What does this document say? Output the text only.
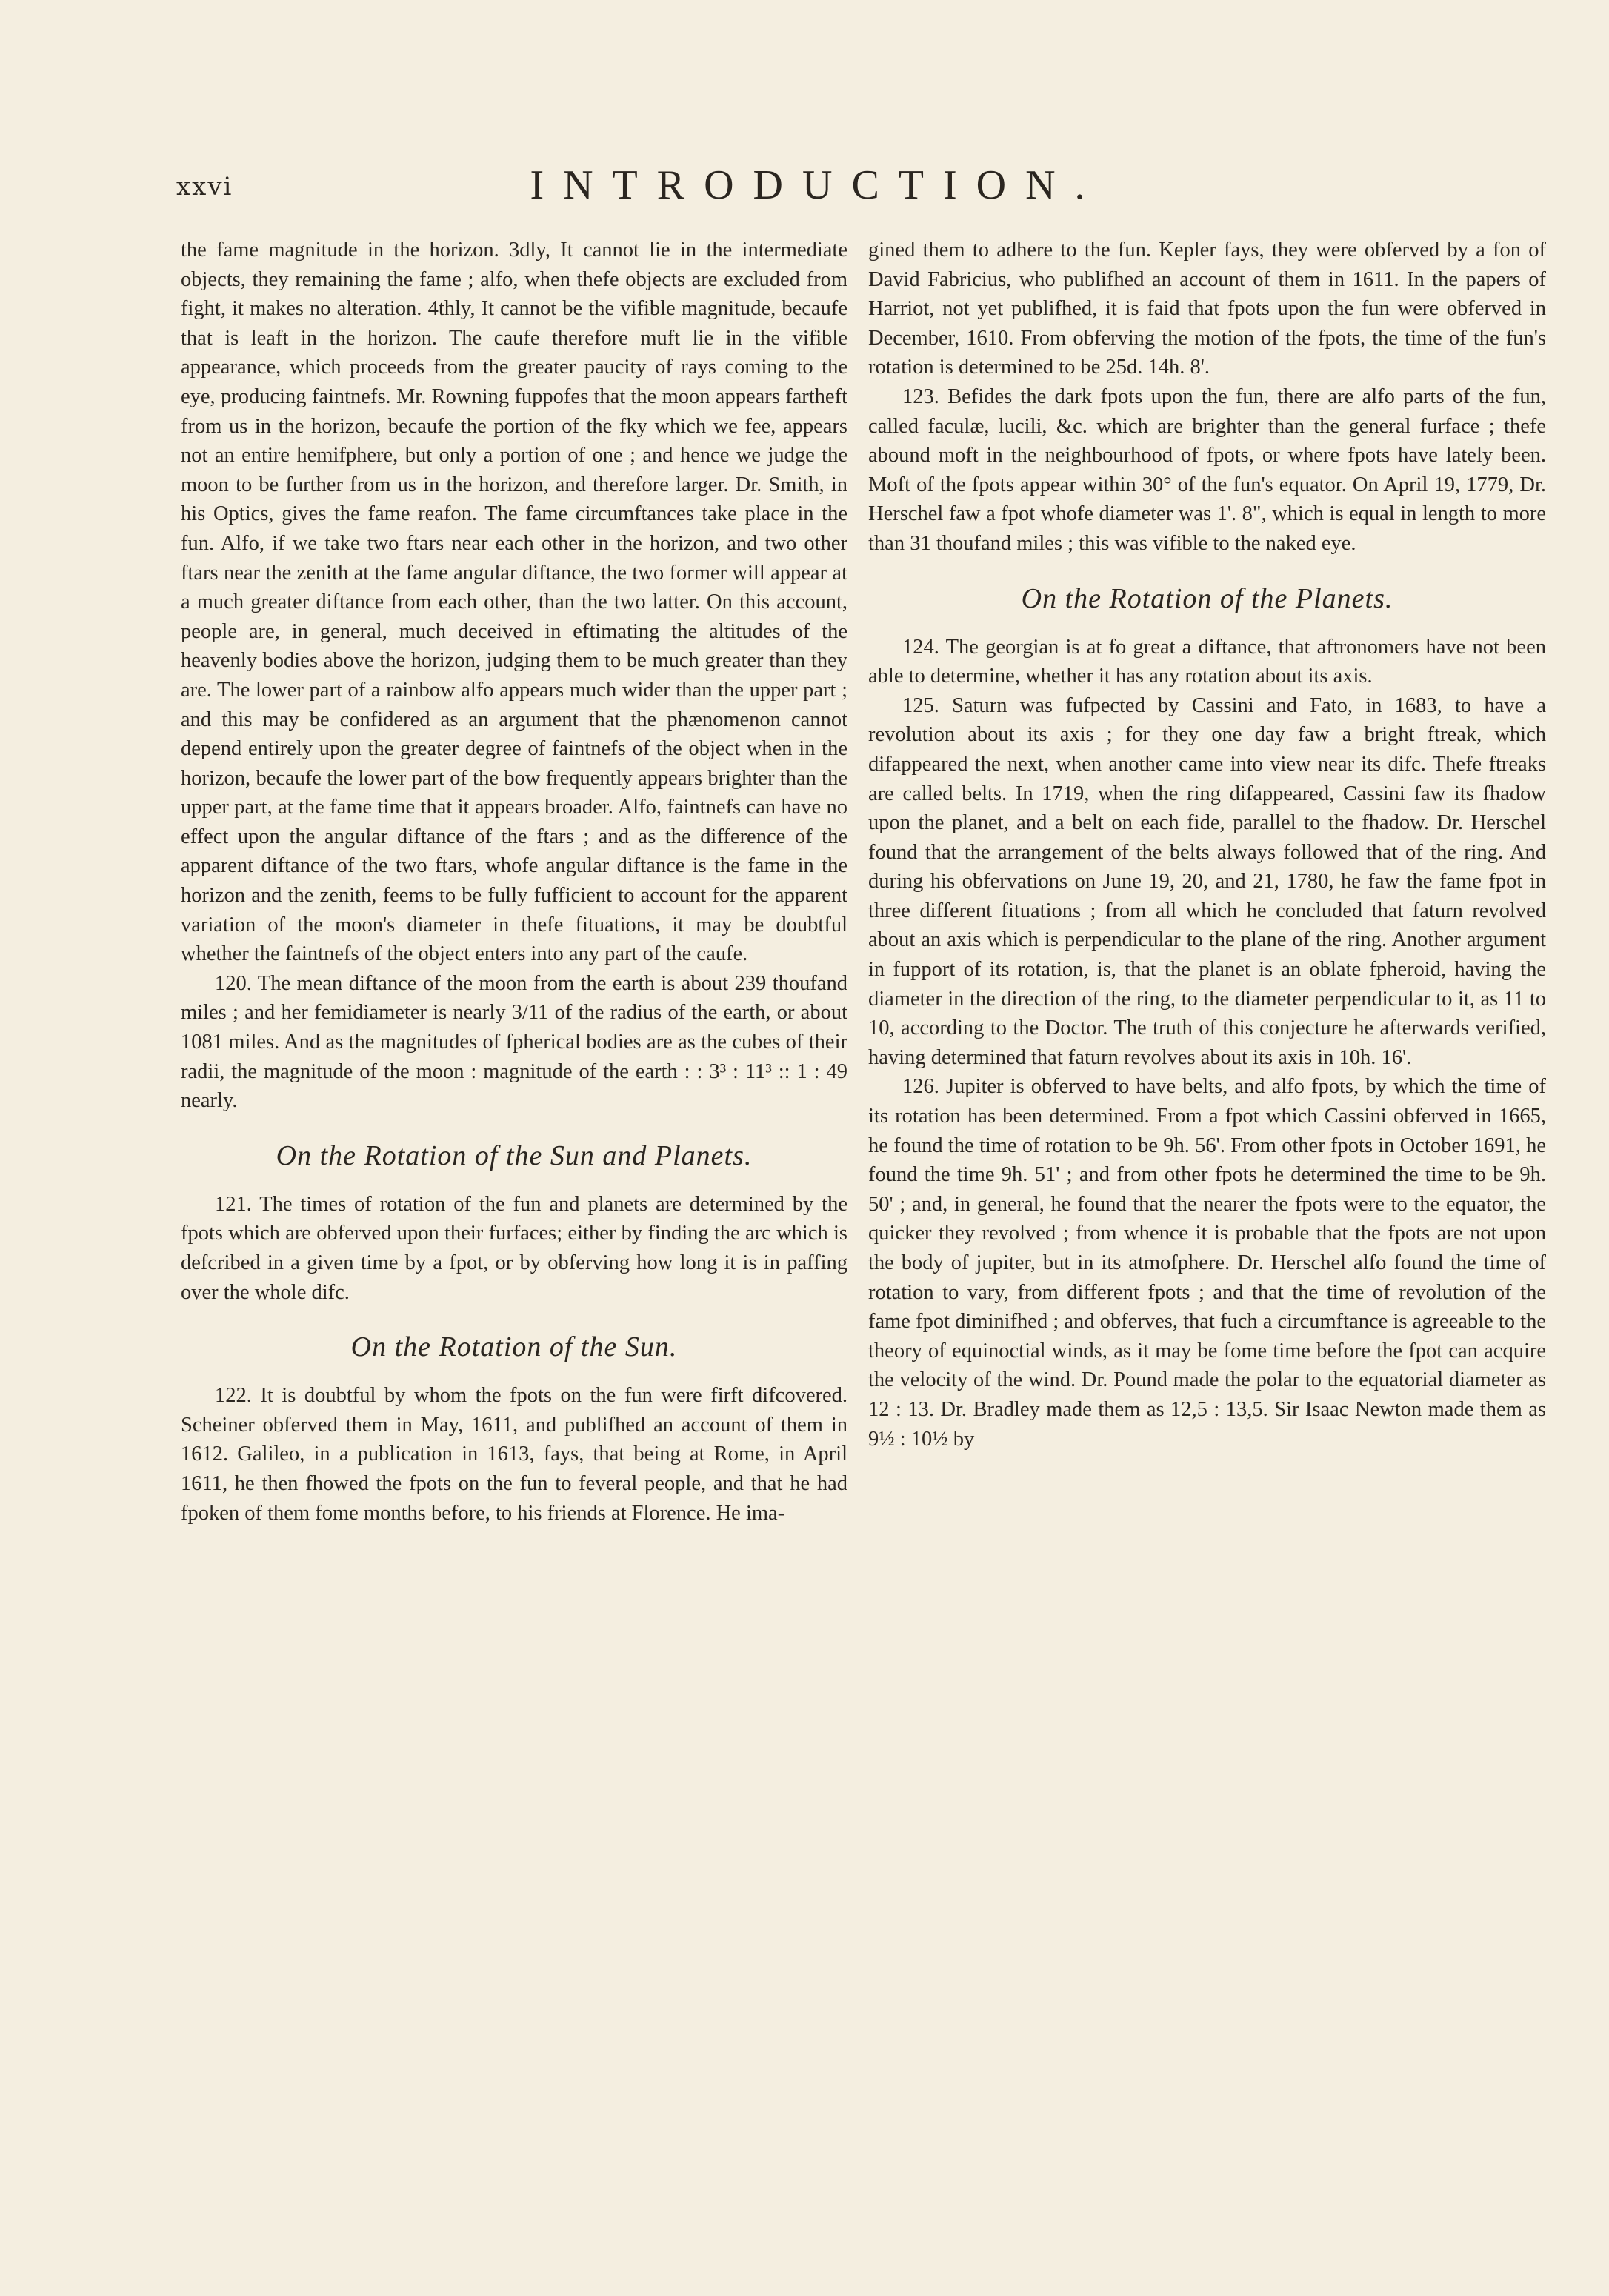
xxvi	INTRODUCTION.

the fame magnitude in the horizon. 3dly, It cannot lie in the intermediate objects, they remaining the fame ; alfo, when thefe objects are excluded from fight, it makes no alteration. 4thly, It cannot be the vifible magnitude, becaufe that is leaft in the horizon. The caufe therefore muft lie in the vifible appearance, which proceeds from the greater paucity of rays coming to the eye, producing faintnefs. Mr. Rowning fuppofes that the moon appears fartheft from us in the horizon, becaufe the portion of the fky which we fee, appears not an entire hemifphere, but only a portion of one ; and hence we judge the moon to be further from us in the horizon, and therefore larger. Dr. Smith, in his Optics, gives the fame reafon. The fame circumftances take place in the fun. Alfo, if we take two ftars near each other in the horizon, and two other ftars near the zenith at the fame angular diftance, the two former will appear at a much greater diftance from each other, than the two latter. On this account, people are, in general, much deceived in eftimating the altitudes of the heavenly bodies above the horizon, judging them to be much greater than they are. The lower part of a rainbow alfo appears much wider than the upper part ; and this may be confidered as an argument that the phænomenon cannot depend entirely upon the greater degree of faintnefs of the object when in the horizon, becaufe the lower part of the bow frequently appears brighter than the upper part, at the fame time that it appears broader. Alfo, faintnefs can have no effect upon the angular diftance of the ftars ; and as the difference of the apparent diftance of the two ftars, whofe angular diftance is the fame in the horizon and the zenith, feems to be fully fufficient to account for the apparent variation of the moon's diameter in thefe fituations, it may be doubtful whether the faintnefs of the object enters into any part of the caufe.

120. The mean diftance of the moon from the earth is about 239 thoufand miles ; and her femidiameter is nearly 3/11 of the radius of the earth, or about 1081 miles. And as the magnitudes of fpherical bodies are as the cubes of their radii, the magnitude of the moon : magnitude of the earth : : 3³ : 11³ :: 1 : 49 nearly.

On the Rotation of the Sun and Planets.

121. The times of rotation of the fun and planets are determined by the fpots which are obferved upon their furfaces; either by finding the arc which is defcribed in a given time by a fpot, or by obferving how long it is in paffing over the whole difc.

On the Rotation of the Sun.

122. It is doubtful by whom the fpots on the fun were firft difcovered. Scheiner obferved them in May, 1611, and publifhed an account of them in 1612. Galileo, in a publication in 1613, fays, that being at Rome, in April 1611, he then fhowed the fpots on the fun to feveral people, and that he had fpoken of them fome months before, to his friends at Florence. He ima-

gined them to adhere to the fun. Kepler fays, they were obferved by a fon of David Fabricius, who publifhed an account of them in 1611. In the papers of Harriot, not yet publifhed, it is faid that fpots upon the fun were obferved in December, 1610. From obferving the motion of the fpots, the time of the fun's rotation is determined to be 25d. 14h. 8'.

123. Befides the dark fpots upon the fun, there are alfo parts of the fun, called faculæ, lucili, &c. which are brighter than the general furface ; thefe abound moft in the neighbourhood of fpots, or where fpots have lately been. Moft of the fpots appear within 30° of the fun's equator. On April 19, 1779, Dr. Herschel faw a fpot whofe diameter was 1'. 8", which is equal in length to more than 31 thoufand miles ; this was vifible to the naked eye.

On the Rotation of the Planets.

124. The georgian is at fo great a diftance, that aftronomers have not been able to determine, whether it has any rotation about its axis.

125. Saturn was fufpected by Cassini and Fato, in 1683, to have a revolution about its axis ; for they one day faw a bright ftreak, which difappeared the next, when another came into view near its difc. Thefe ftreaks are called belts. In 1719, when the ring difappeared, Cassini faw its fhadow upon the planet, and a belt on each fide, parallel to the fhadow. Dr. Herschel found that the arrangement of the belts always followed that of the ring. And during his obfervations on June 19, 20, and 21, 1780, he faw the fame fpot in three different fituations ; from all which he concluded that faturn revolved about an axis which is perpendicular to the plane of the ring. Another argument in fupport of its rotation, is, that the planet is an oblate fpheroid, having the diameter in the direction of the ring, to the diameter perpendicular to it, as 11 to 10, according to the Doctor. The truth of this conjecture he afterwards verified, having determined that faturn revolves about its axis in 10h. 16'.

126. Jupiter is obferved to have belts, and alfo fpots, by which the time of its rotation has been determined. From a fpot which Cassini obferved in 1665, he found the time of rotation to be 9h. 56'. From other fpots in October 1691, he found the time 9h. 51' ; and from other fpots he determined the time to be 9h. 50' ; and, in general, he found that the nearer the fpots were to the equator, the quicker they revolved ; from whence it is probable that the fpots are not upon the body of jupiter, but in its atmofphere. Dr. Herschel alfo found the time of rotation to vary, from different fpots ; and that the time of revolution of the fame fpot diminifhed ; and obferves, that fuch a circumftance is agreeable to the theory of equinoctial winds, as it may be fome time before the fpot can acquire the velocity of the wind. Dr. Pound made the polar to the equatorial diameter as 12 : 13. Dr. Bradley made them as 12,5 : 13,5. Sir Isaac Newton made them as 9½ : 10½ by
